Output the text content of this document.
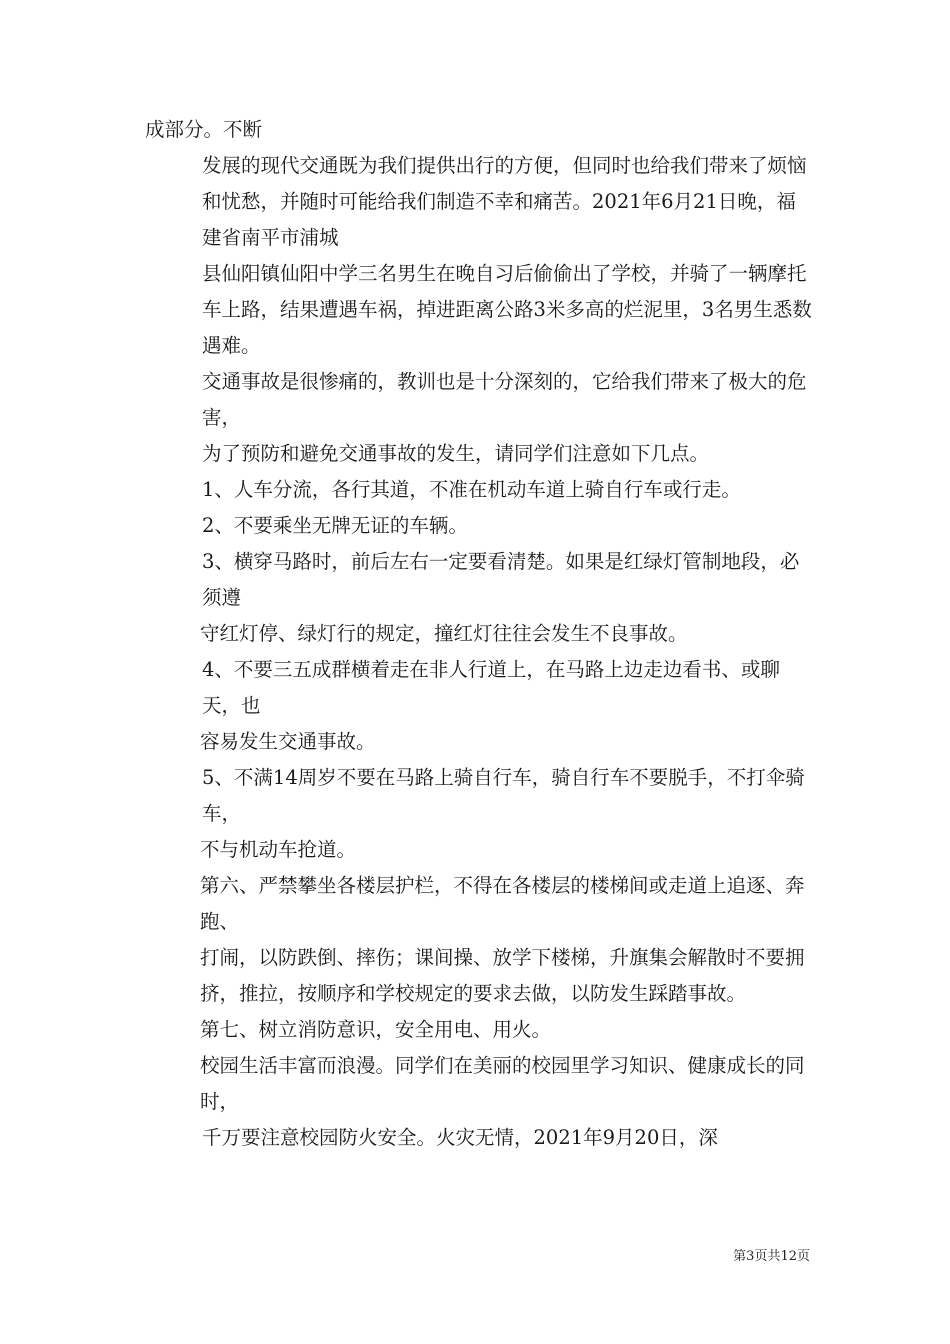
成部分。不断

发展的现代交通既为我们提供出行的方便，但同时也给我们带来了烦恼和忧愁，并随时可能给我们制造不幸和痛苦。2021年6月21日晚，福建省南平市浦城

县仙阳镇仙阳中学三名男生在晚自习后偷偷出了学校，并骑了一辆摩托车上路，结果遭遇车祸，掉进距离公路3米多高的烂泥里，3名男生悉数遇难。

交通事故是很惨痛的，教训也是十分深刻的，它给我们带来了极大的危害，

为了预防和避免交通事故的发生，请同学们注意如下几点。

1、人车分流，各行其道，不准在机动车道上骑自行车或行走。

2、不要乘坐无牌无证的车辆。

3、横穿马路时，前后左右一定要看清楚。如果是红绿灯管制地段，必须遵

守红灯停、绿灯行的规定，撞红灯往往会发生不良事故。

4、不要三五成群横着走在非人行道上，在马路上边走边看书、或聊天，也

容易发生交通事故。

5、不满14周岁不要在马路上骑自行车，骑自行车不要脱手，不打伞骑车，

不与机动车抢道。

第六、严禁攀坐各楼层护栏，不得在各楼层的楼梯间或走道上追逐、奔跑、

打闹，以防跌倒、摔伤；课间操、放学下楼梯，升旗集会解散时不要拥挤，推拉，按顺序和学校规定的要求去做，以防发生踩踏事故。

第七、树立消防意识，安全用电、用火。

校园生活丰富而浪漫。同学们在美丽的校园里学习知识、健康成长的同时，

千万要注意校园防火安全。火灾无情，2021年9月20日，深

第3页共12页
